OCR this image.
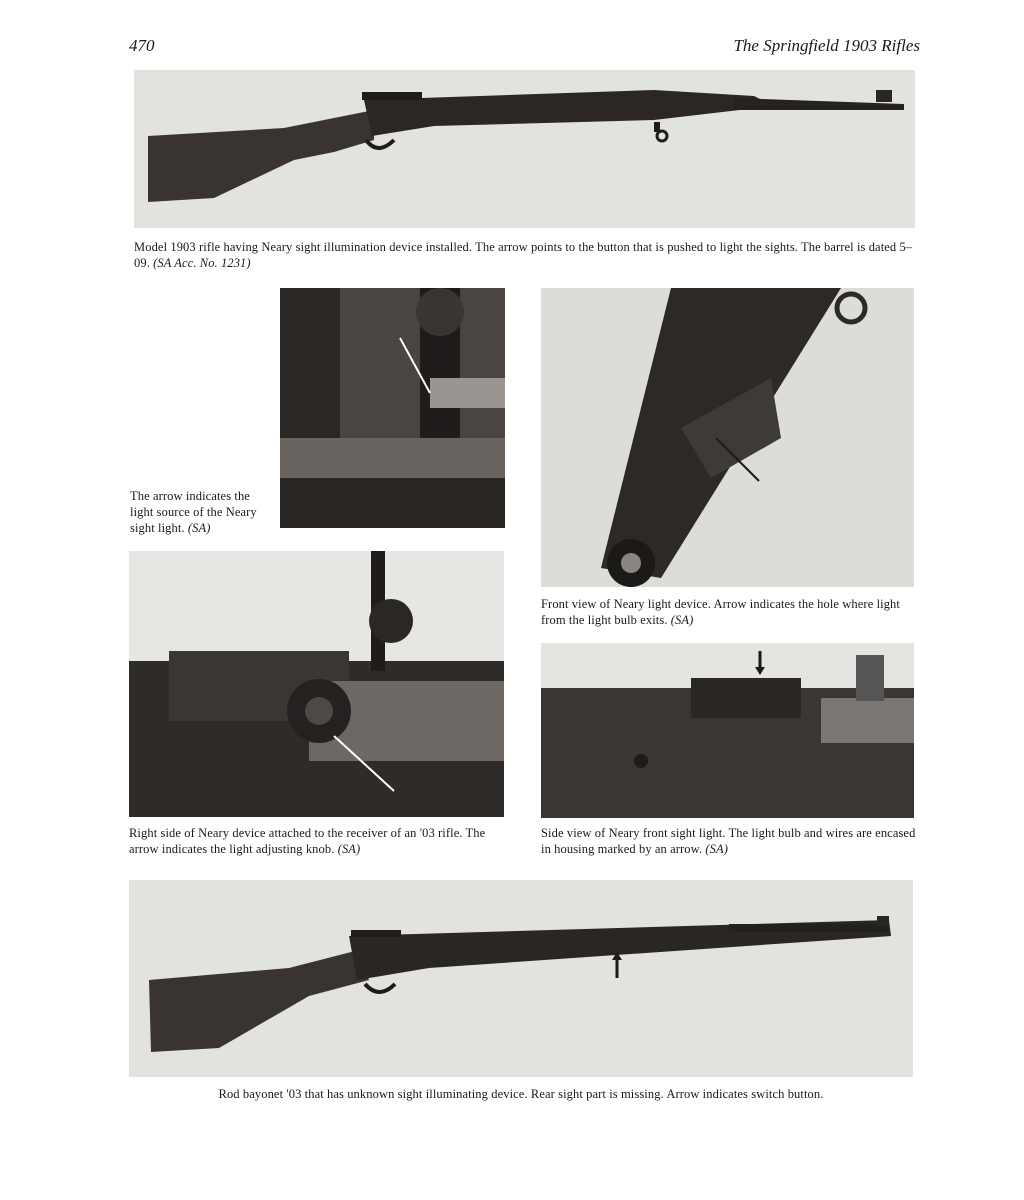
470	The Springfield 1903 Rifles
Model 1903 rifle having Neary sight illumination device installed. The arrow points to the button that is pushed to light the sights. The barrel is dated 5–09. (SA Acc. No. 1231)
The arrow indicates the light source of the Neary sight light. (SA)
Front view of Neary light device. Arrow indicates the hole where light from the light bulb exits. (SA)
Right side of Neary device attached to the receiver of an '03 rifle. The arrow indicates the light adjusting knob. (SA)
Side view of Neary front sight light. The light bulb and wires are encased in housing marked by an arrow. (SA)
Rod bayonet '03 that has unknown sight illuminating device. Rear sight part is missing. Arrow indicates switch button.
